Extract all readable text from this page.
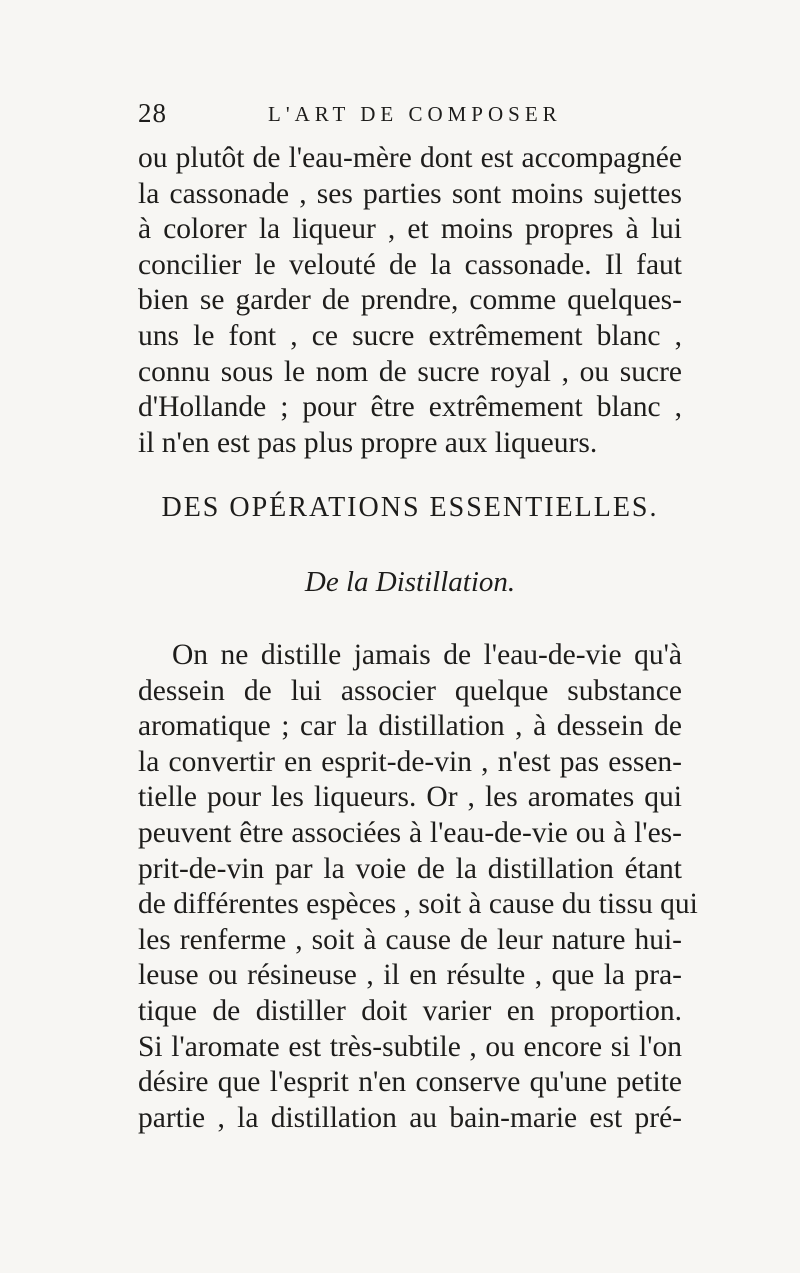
28	L'ART DE COMPOSER

ou plutôt de l'eau-mère dont est accompagnée
la cassonade , ses parties sont moins sujettes
à colorer la liqueur , et moins propres à lui
concilier le velouté de la cassonade. Il faut
bien se garder de prendre, comme quelques-
uns le font , ce sucre extrêmement blanc ,
connu sous le nom de sucre royal , ou sucre
d'Hollande ; pour être extrêmement blanc ,
il n'en est pas plus propre aux liqueurs.

DES OPÉRATIONS ESSENTIELLES.
De la Distillation.

On ne distille jamais de l'eau-de-vie qu'à
dessein de lui associer quelque substance
aromatique ; car la distillation , à dessein de
la convertir en esprit-de-vin , n'est pas essen-
tielle pour les liqueurs. Or , les aromates qui
peuvent être associées à l'eau-de-vie ou à l'es-
prit-de-vin par la voie de la distillation étant
de différentes espèces , soit à cause du tissu qui
les renferme , soit à cause de leur nature hui-
leuse ou résineuse , il en résulte , que la pra-
tique de distiller doit varier en proportion.
Si l'aromate est très-subtile , ou encore si l'on
désire que l'esprit n'en conserve qu'une petite
partie , la distillation au bain-marie est pré-
